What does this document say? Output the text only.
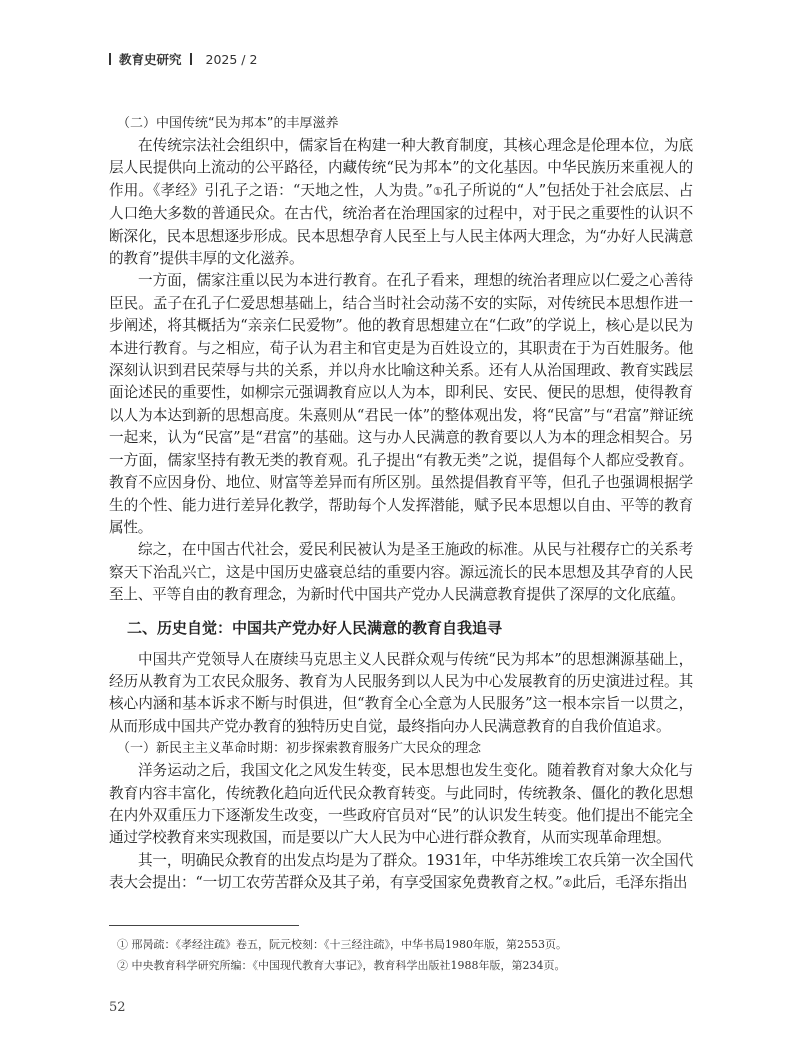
教育史研究 2025 / 2
（二）中国传统“民为邦本”的丰厚滋养

在传统宗法社会组织中，儒家旨在构建一种大教育制度，其核心理念是伦理本位，为底层人民提供向上流动的公平路径，内藏传统“民为邦本”的文化基因。中华民族历来重视人的作用。《孝经》引孔子之语：“天地之性，人为贵。”①孔子所说的“人”包括处于社会底层、占人口绝大多数的普通民众。在古代，统治者在治理国家的过程中，对于民之重要性的认识不断深化，民本思想逐步形成。民本思想孕育人民至上与人民主体两大理念，为“办好人民满意的教育”提供丰厚的文化滋养。

一方面，儒家注重以民为本进行教育。在孔子看来，理想的统治者理应以仁爱之心善待臣民。孟子在孔子仁爱思想基础上，结合当时社会动荡不安的实际，对传统民本思想作进一步阐述，将其概括为“亲亲仁民爱物”。他的教育思想建立在“仁政”的学说上，核心是以民为本进行教育。与之相应，荀子认为君主和官吏是为百姓设立的，其职责在于为百姓服务。他深刻认识到君民荣辱与共的关系，并以舟水比喻这种关系。还有人从治国理政、教育实践层面论述民的重要性，如柳宗元强调教育应以人为本，即利民、安民、便民的思想，使得教育以人为本达到新的思想高度。朱熹则从“君民一体”的整体观出发，将“民富”与“君富”辩证统一起来，认为“民富”是“君富”的基础。这与办人民满意的教育要以人为本的理念相契合。另一方面，儒家坚持有教无类的教育观。孔子提出“有教无类”之说，提倡每个人都应受教育。教育不应因身份、地位、财富等差异而有所区别。虽然提倡教育平等，但孔子也强调根据学生的个性、能力进行差异化教学，帮助每个人发挥潜能，赋予民本思想以自由、平等的教育属性。

综之，在中国古代社会，爱民利民被认为是圣王施政的标准。从民与社稷存亡的关系考察天下治乱兴亡，这是中国历史盛衰总结的重要内容。源远流长的民本思想及其孕育的人民至上、平等自由的教育理念，为新时代中国共产党办人民满意教育提供了深厚的文化底蕴。

二、历史自觉：中国共产党办好人民满意的教育自我追寻

中国共产党领导人在赓续马克思主义人民群众观与传统“民为邦本”的思想渊源基础上，经历从教育为工农民众服务、教育为人民服务到以人民为中心发展教育的历史演进过程。其核心内涵和基本诉求不断与时俱进，但“教育全心全意为人民服务”这一根本宗旨一以贯之，从而形成中国共产党办教育的独特历史自觉，最终指向办人民满意教育的自我价值追求。

（一）新民主主义革命时期：初步探索教育服务广大民众的理念

洋务运动之后，我国文化之风发生转变，民本思想也发生变化。随着教育对象大众化与教育内容丰富化，传统教化趋向近代民众教育转变。与此同时，传统教条、僵化的教化思想在内外双重压力下逐渐发生改变，一些政府官员对“民”的认识发生转变。他们提出不能完全通过学校教育来实现救国，而是要以广大人民为中心进行群众教育，从而实现革命理想。

其一，明确民众教育的出发点均是为了群众。1931年，中华苏维埃工农兵第一次全国代表大会提出：“一切工农劳苦群众及其子弟，有享受国家免费教育之权。”②此后，毛泽东指出

① 邢昺疏：《孝经注疏》卷五，阮元校刻：《十三经注疏》，中华书局1980年版，第2553页。
② 中央教育科学研究所编：《中国现代教育大事记》，教育科学出版社1988年版，第234页。
52
